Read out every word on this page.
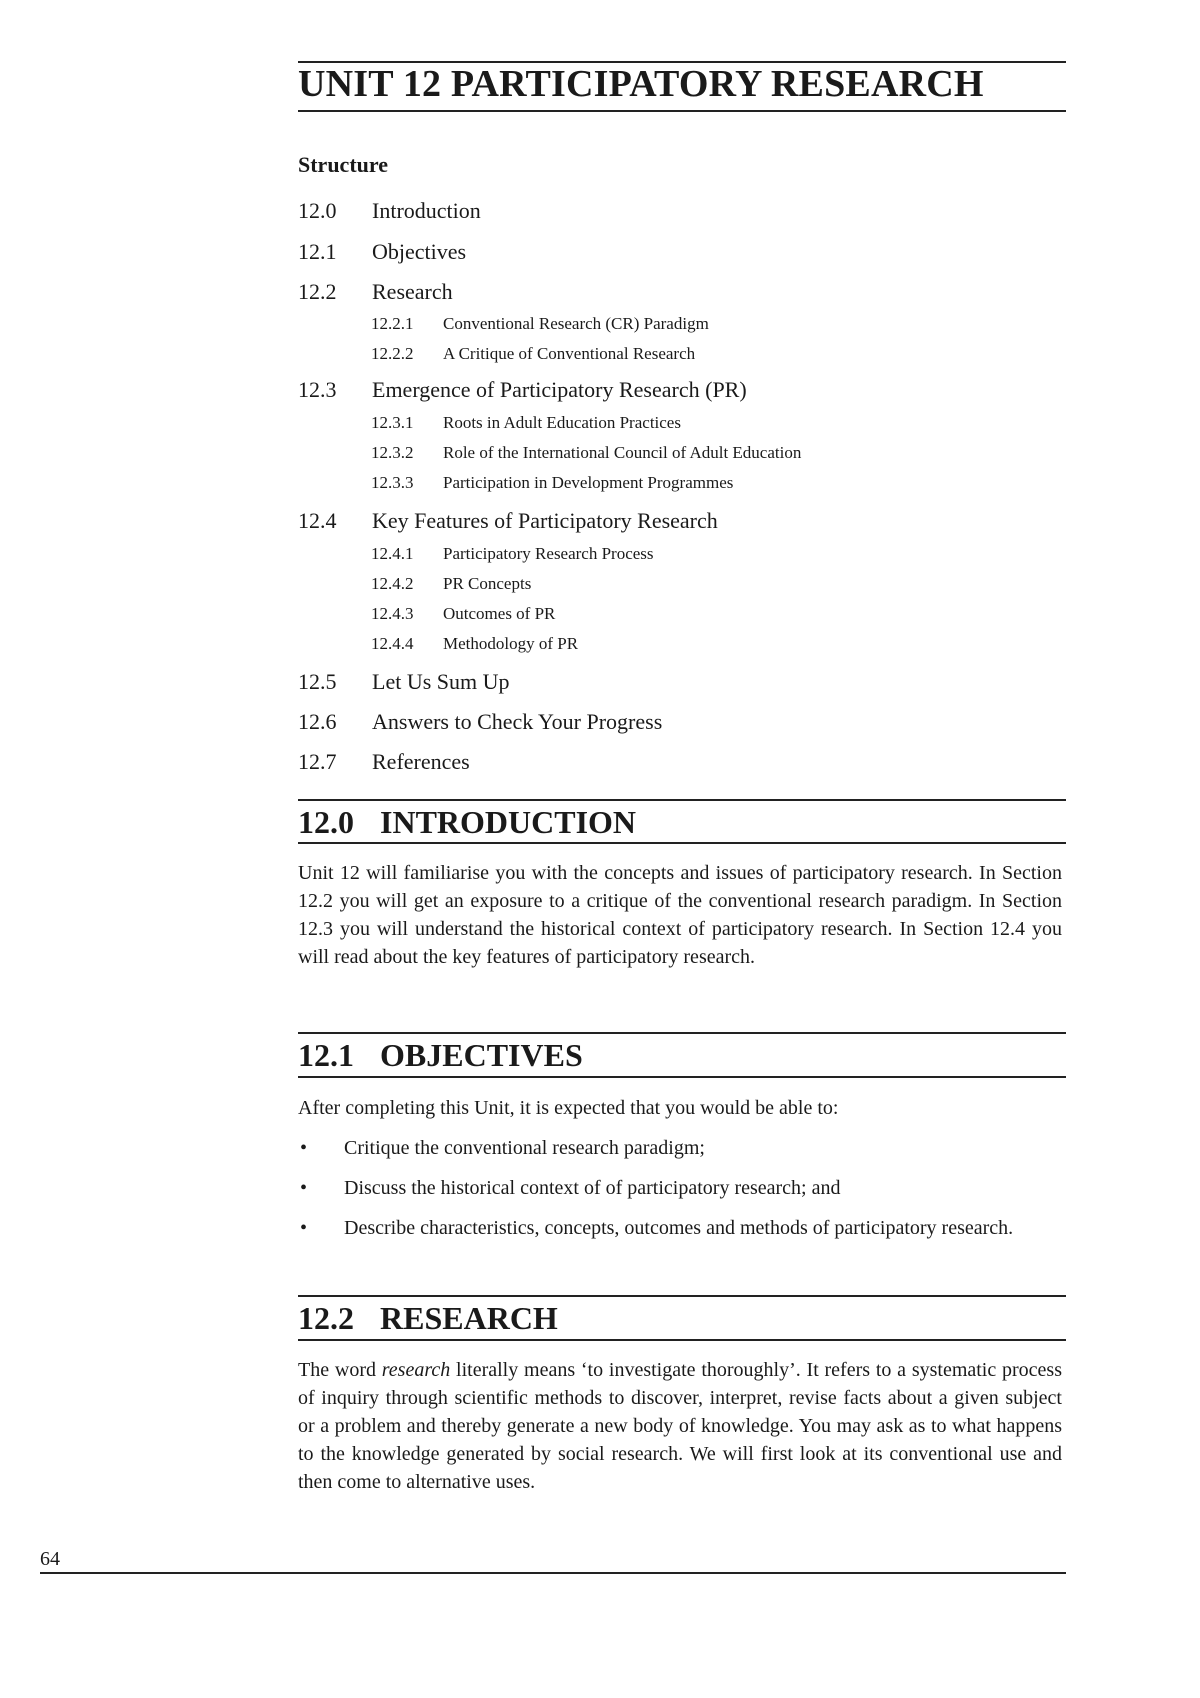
UNIT 12 PARTICIPATORY RESEARCH
Structure
12.0 Introduction
12.1 Objectives
12.2 Research
12.2.1 Conventional Research (CR) Paradigm
12.2.2 A Critique of Conventional Research
12.3 Emergence of Participatory Research (PR)
12.3.1 Roots in Adult Education Practices
12.3.2 Role of the International Council of Adult Education
12.3.3 Participation in Development Programmes
12.4 Key Features of Participatory Research
12.4.1 Participatory Research Process
12.4.2 PR Concepts
12.4.3 Outcomes of PR
12.4.4 Methodology of PR
12.5 Let Us Sum Up
12.6 Answers to Check Your Progress
12.7 References
12.0 INTRODUCTION
Unit 12 will familiarise you with the concepts and issues of participatory research. In Section 12.2 you will get an exposure to a critique of the conventional research paradigm. In Section 12.3 you will understand the historical context of participatory research. In Section 12.4 you will read about the key features of participatory research.
12.1 OBJECTIVES
After completing this Unit, it is expected that you would be able to:
• Critique the conventional research paradigm;
• Discuss the historical context of of participatory research; and
• Describe characteristics, concepts, outcomes and methods of participatory research.
12.2 RESEARCH
The word research literally means ‘to investigate thoroughly’. It refers to a systematic process of inquiry through scientific methods to discover, interpret, revise facts about a given subject or a problem and thereby generate a new body of knowledge. You may ask as to what happens to the knowledge generated by social research. We will first look at its conventional use and then come to alternative uses.
64
